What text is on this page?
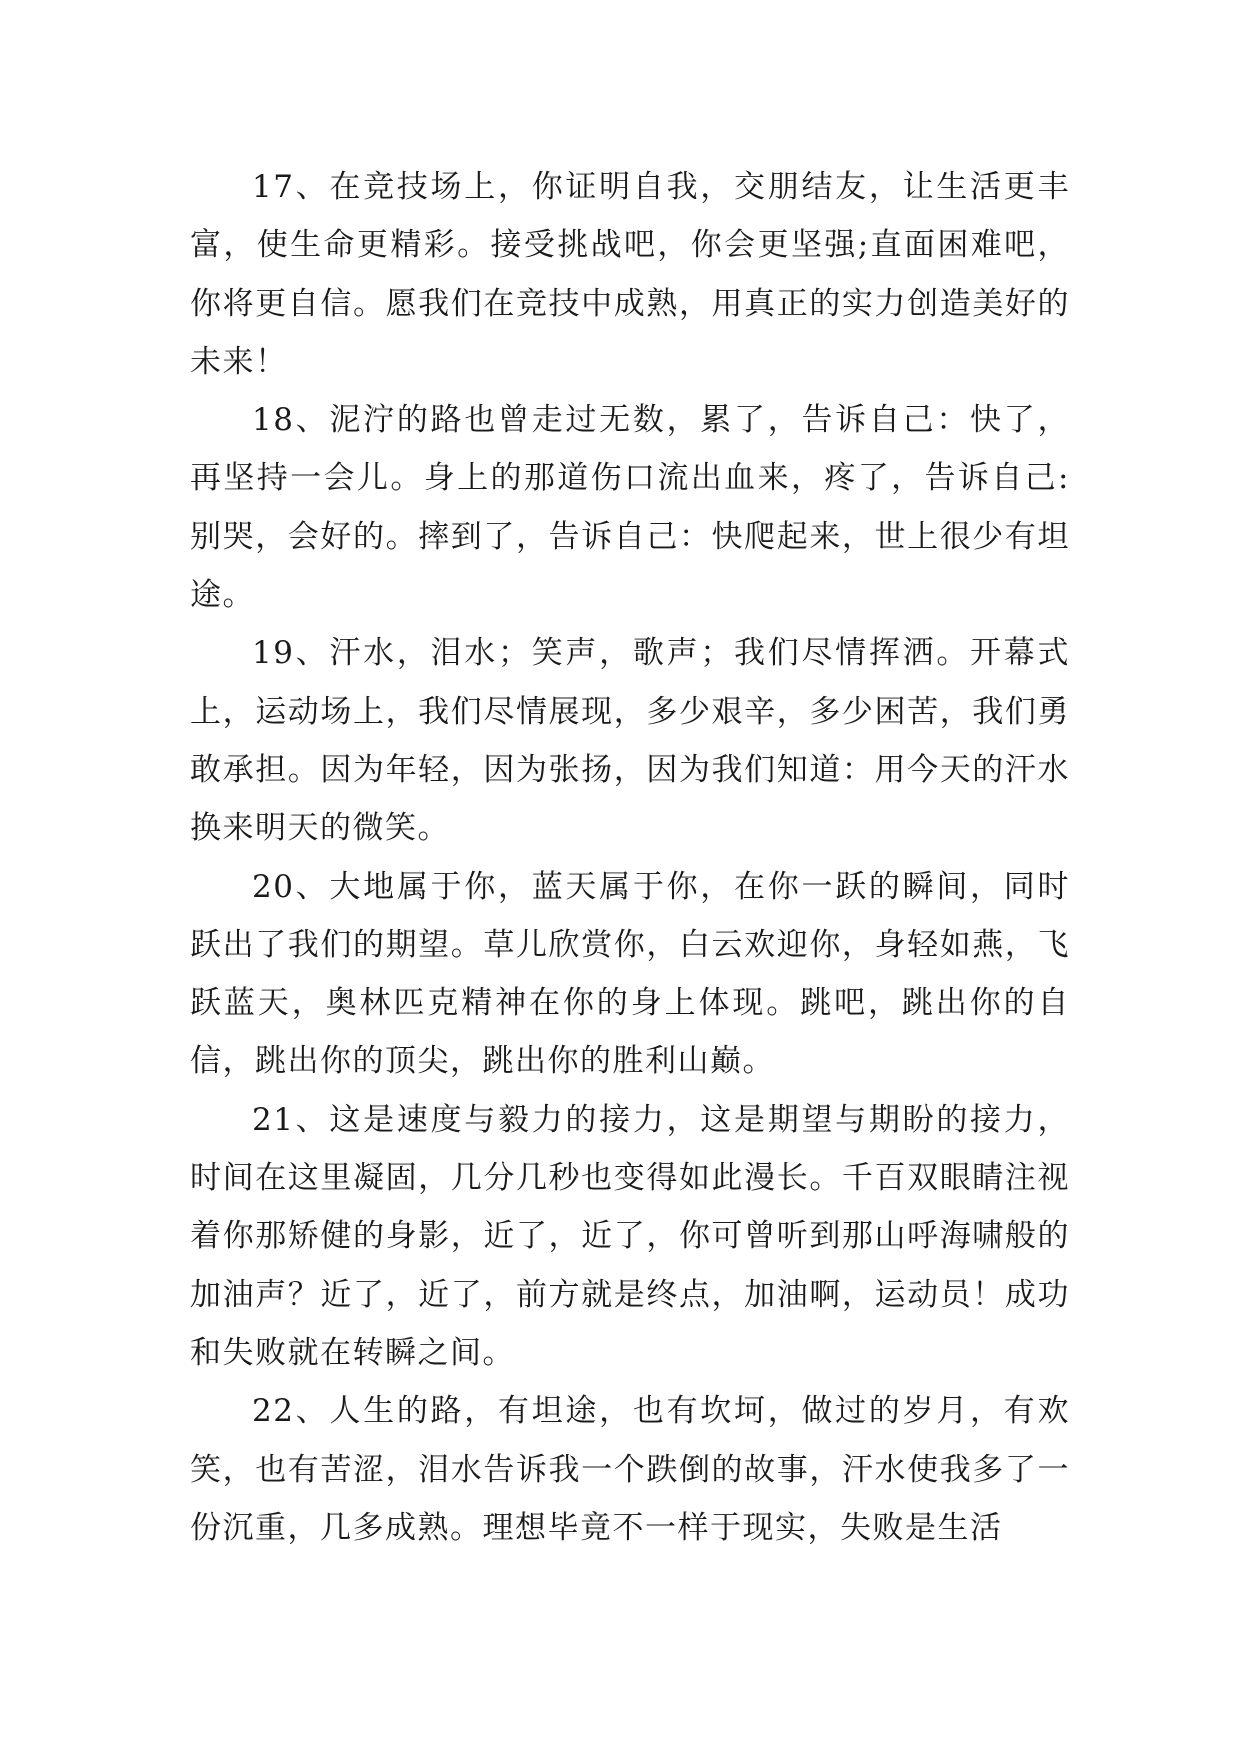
17、在竞技场上，你证明自我，交朋结友，让生活更丰富，使生命更精彩。接受挑战吧，你会更坚强;直面困难吧，你将更自信。愿我们在竞技中成熟，用真正的实力创造美好的未来！

18、泥泞的路也曾走过无数，累了，告诉自己：快了，再坚持一会儿。身上的那道伤口流出血来，疼了，告诉自己:别哭，会好的。摔到了，告诉自己：快爬起来，世上很少有坦途。

19、汗水，泪水；笑声，歌声；我们尽情挥洒。开幕式上，运动场上，我们尽情展现，多少艰辛，多少困苦，我们勇敢承担。因为年轻，因为张扬，因为我们知道：用今天的汗水换来明天的微笑。

20、大地属于你，蓝天属于你，在你一跃的瞬间，同时跃出了我们的期望。草儿欣赏你，白云欢迎你，身轻如燕，飞跃蓝天，奥林匹克精神在你的身上体现。跳吧，跳出你的自信，跳出你的顶尖，跳出你的胜利山巅。

21、这是速度与毅力的接力，这是期望与期盼的接力，时间在这里凝固，几分几秒也变得如此漫长。千百双眼睛注视着你那矫健的身影，近了，近了，你可曾听到那山呼海啸般的加油声？近了，近了，前方就是终点，加油啊，运动员！成功和失败就在转瞬之间。

22、人生的路，有坦途，也有坎坷，做过的岁月，有欢笑，也有苦涩，泪水告诉我一个跌倒的故事，汗水使我多了一份沉重，几多成熟。理想毕竟不一样于现实，失败是生活
